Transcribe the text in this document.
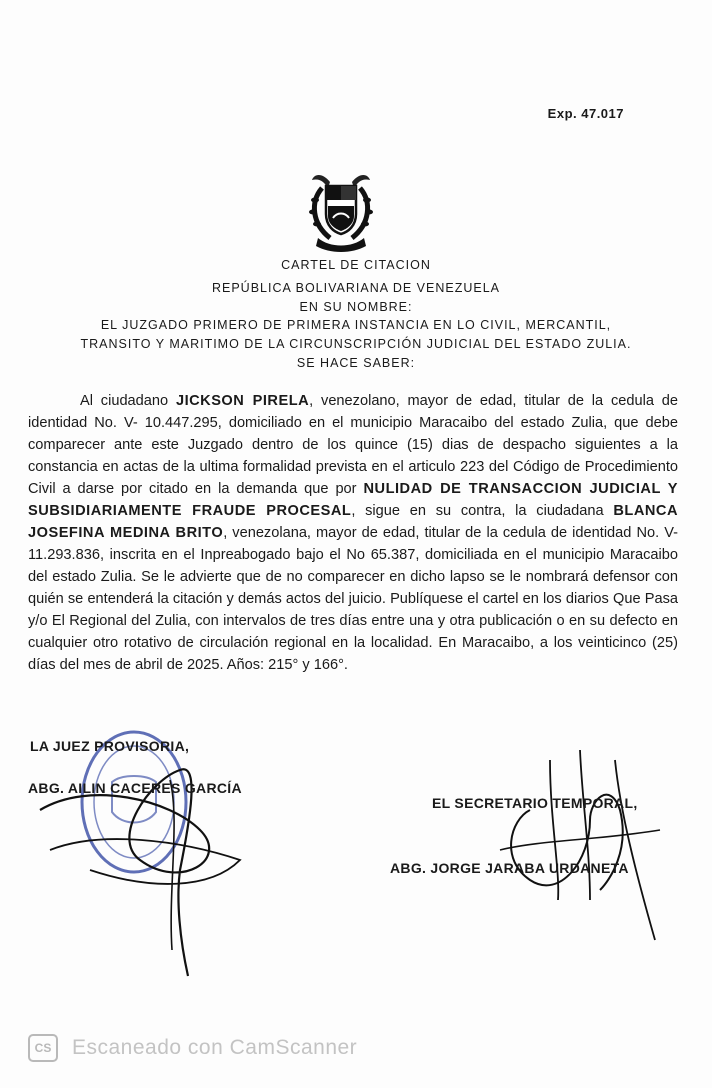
Exp. 47.017
CARTEL DE CITACION
REPÚBLICA BOLIVARIANA DE VENEZUELA
EN SU NOMBRE:
EL JUZGADO PRIMERO DE PRIMERA INSTANCIA EN LO CIVIL, MERCANTIL,
TRANSITO Y MARITIMO DE LA CIRCUNSCRIPCIÓN JUDICIAL DEL ESTADO ZULIA.
SE HACE SABER:

Al ciudadano JICKSON PIRELA, venezolano, mayor de edad, titular de la cedula de identidad No. V- 10.447.295, domiciliado en el municipio Maracaibo del estado Zulia, que debe comparecer ante este Juzgado dentro de los quince (15) dias de despacho siguientes a la constancia en actas de la ultima formalidad prevista en el articulo 223 del Código de Procedimiento Civil a darse por citado en la demanda que por NULIDAD DE TRANSACCION JUDICIAL Y SUBSIDIARIAMENTE FRAUDE PROCESAL, sigue en su contra, la ciudadana BLANCA JOSEFINA MEDINA BRITO, venezolana, mayor de edad, titular de la cedula de identidad No. V- 11.293.836, inscrita en el Inpreabogado bajo el No 65.387, domiciliada en el municipio Maracaibo del estado Zulia. Se le advierte que de no comparecer en dicho lapso se le nombrará defensor con quién se entenderá la citación y demás actos del juicio. Publíquese el cartel en los diarios Que Pasa y/o El Regional del Zulia, con intervalos de tres días entre una y otra publicación o en su defecto en cualquier otro rotativo de circulación regional en la localidad. En Maracaibo, a los veinticinco (25) días del mes de abril de 2025. Años: 215° y 166°.

LA JUEZ PROVISORIA,
ABG. AILIN CACERES GARCÍA
EL SECRETARIO TEMPORAL,
ABG. JORGE JARABA URDANETA
CS Escaneado con CamScanner
